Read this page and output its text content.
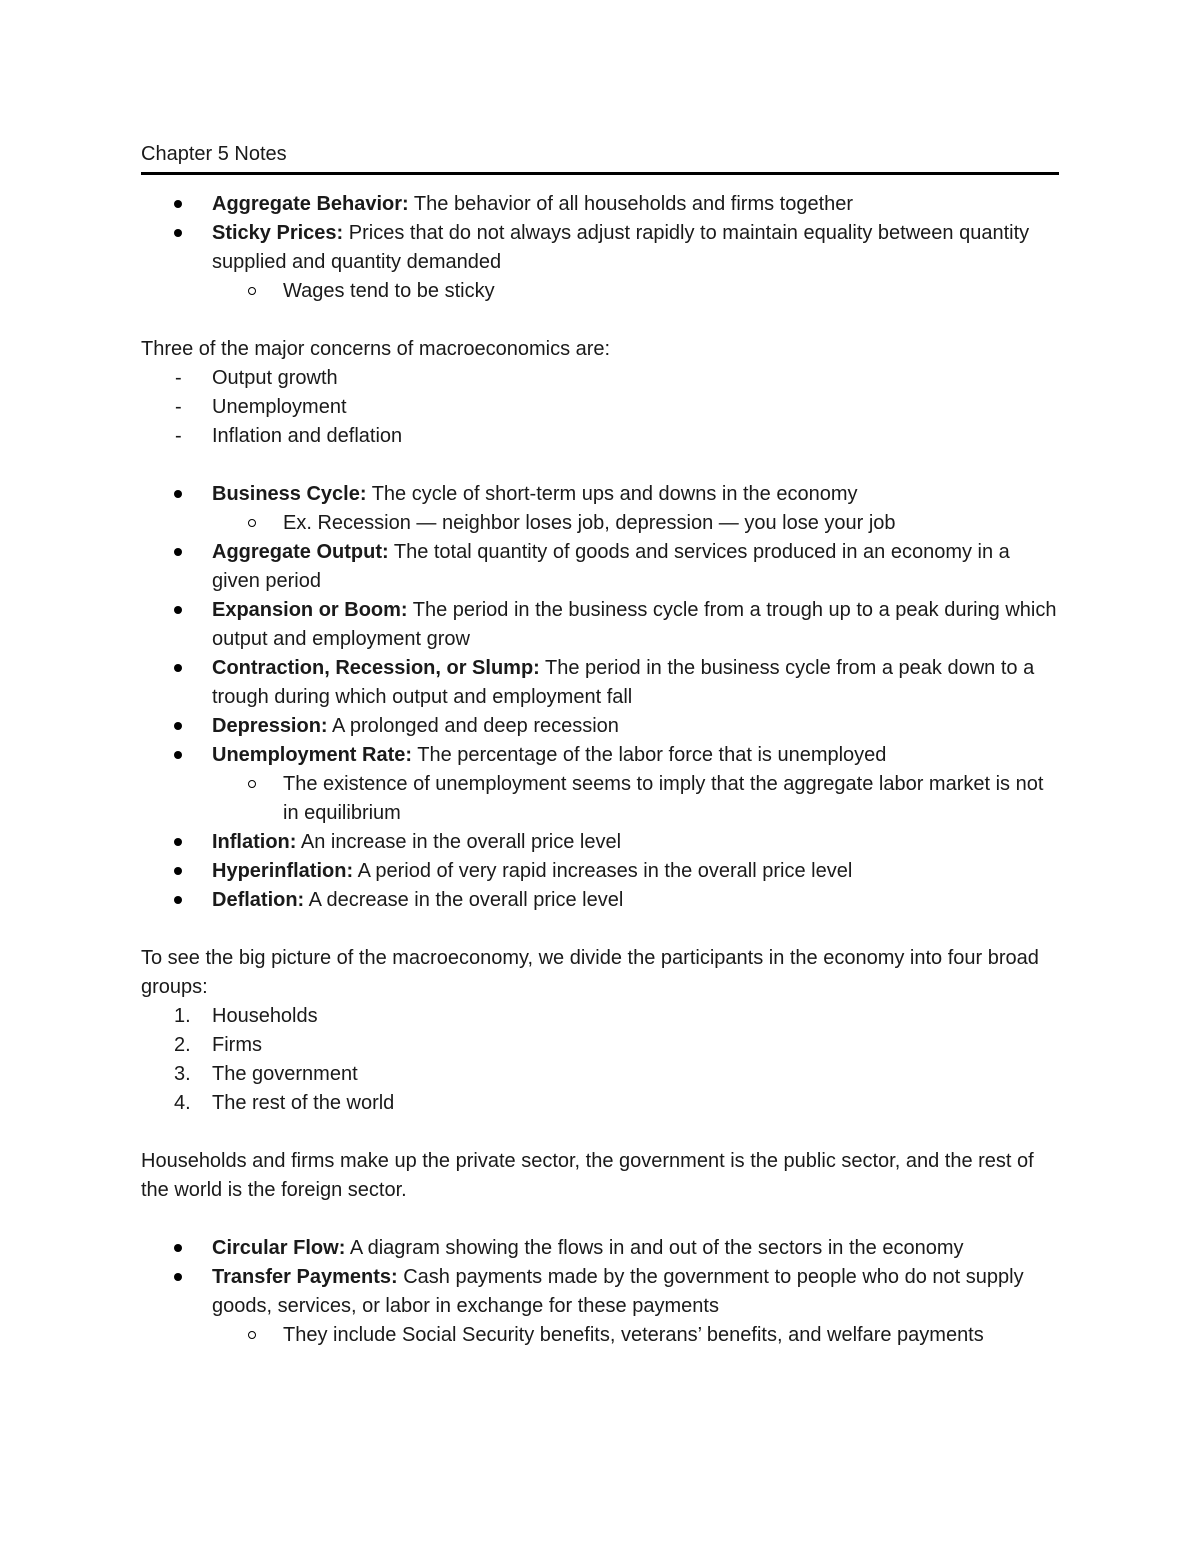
Chapter 5 Notes
Aggregate Behavior: The behavior of all households and firms together
Sticky Prices: Prices that do not always adjust rapidly to maintain equality between quantity supplied and quantity demanded
Wages tend to be sticky

Three of the major concerns of macroeconomics are:

- Output growth
- Unemployment
- Inflation and deflation
Business Cycle: The cycle of short-term ups and downs in the economy
Ex. Recession — neighbor loses job, depression — you lose your job
Aggregate Output: The total quantity of goods and services produced in an economy in a given period
Expansion or Boom: The period in the business cycle from a trough up to a peak during which output and employment grow
Contraction, Recession, or Slump: The period in the business cycle from a peak down to a trough during which output and employment fall
Depression: A prolonged and deep recession
Unemployment Rate: The percentage of the labor force that is unemployed
The existence of unemployment seems to imply that the aggregate labor market is not in equilibrium
Inflation: An increase in the overall price level
Hyperinflation: A period of very rapid increases in the overall price level
Deflation: A decrease in the overall price level

To see the big picture of the macroeconomy, we divide the participants in the economy into four broad groups:

1. Households
2. Firms
3. The government
4. The rest of the world

Households and firms make up the private sector, the government is the public sector, and the rest of the world is the foreign sector.

Circular Flow: A diagram showing the flows in and out of the sectors in the economy
Transfer Payments: Cash payments made by the government to people who do not supply goods, services, or labor in exchange for these payments
They include Social Security benefits, veterans’ benefits, and welfare payments
